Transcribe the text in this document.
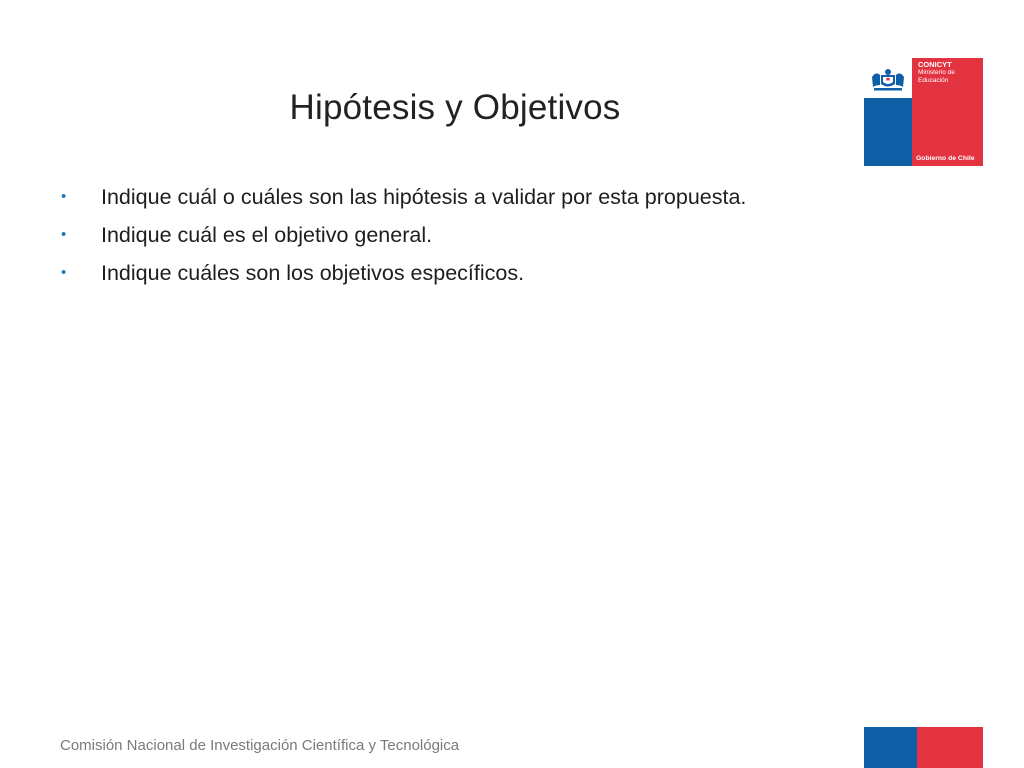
Hipótesis y Objetivos
• Indique cuál o cuáles son las hipótesis a validar por esta propuesta.
• Indique cuál es el objetivo general.
• Indique cuáles son los objetivos específicos.
CONICYT
Ministerio de
Educación
Gobierno de Chile
Comisión Nacional de Investigación Científica y Tecnológica
